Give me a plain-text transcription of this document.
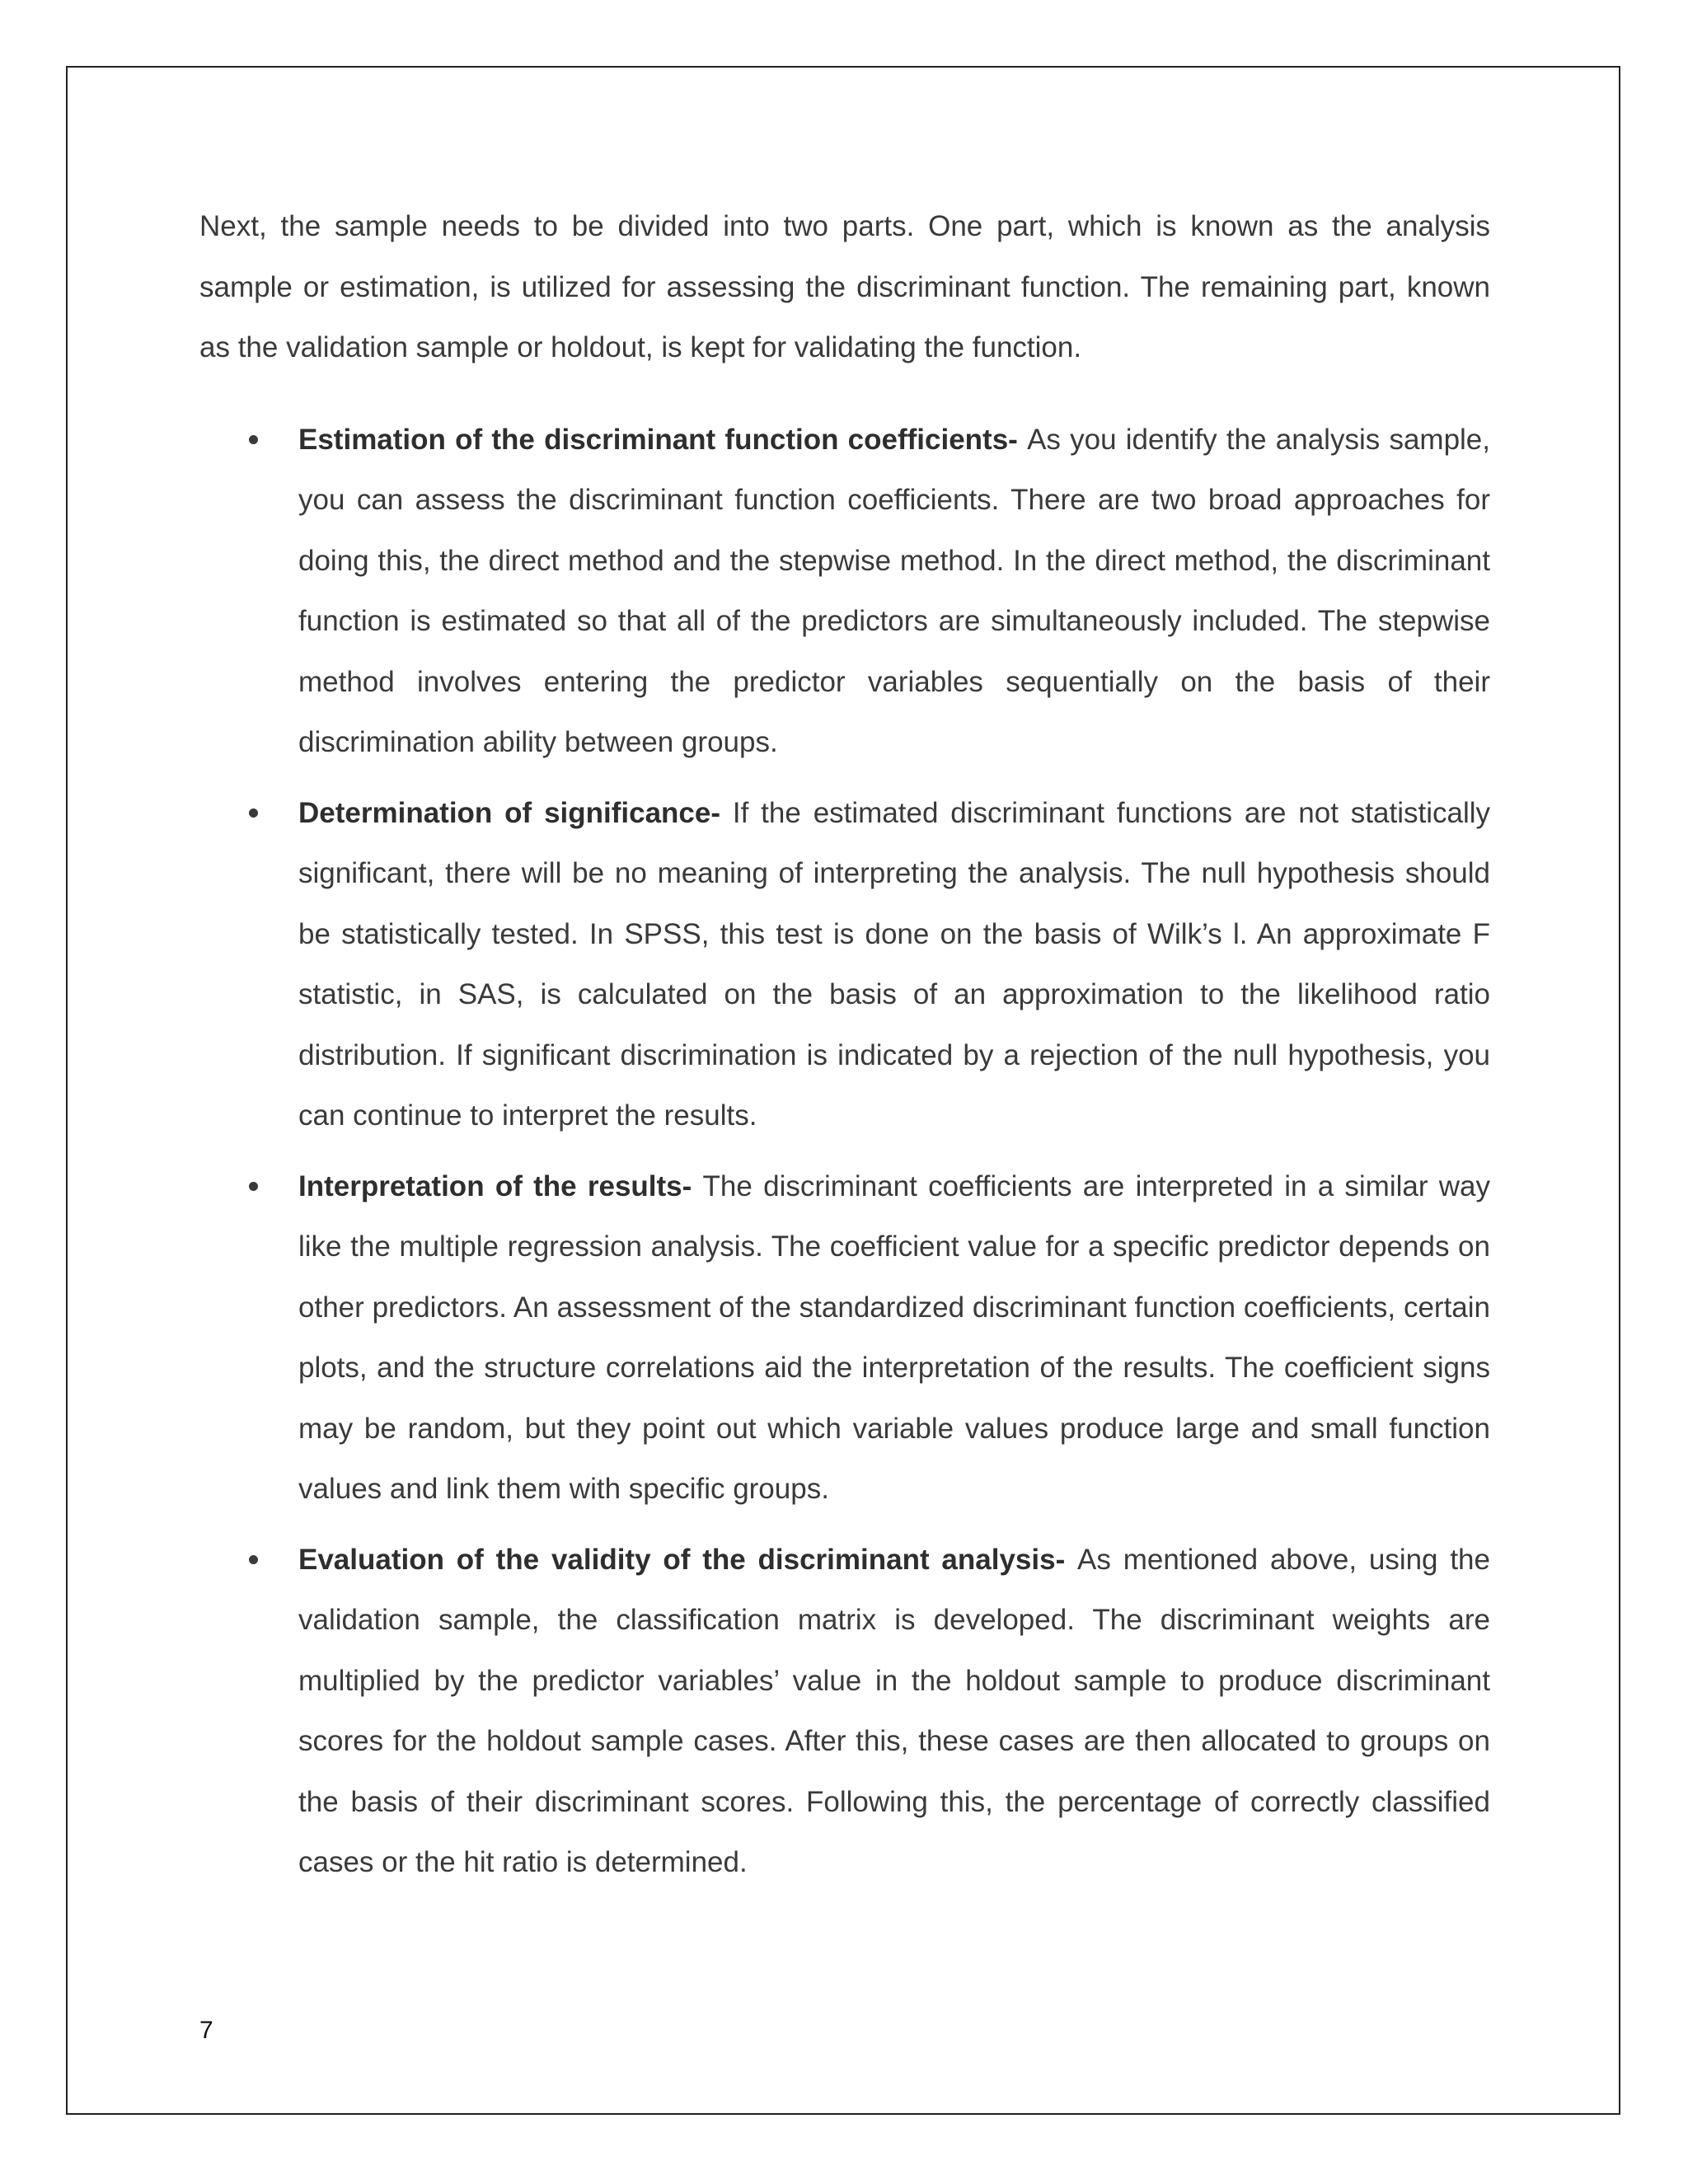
Next, the sample needs to be divided into two parts. One part, which is known as the analysis sample or estimation, is utilized for assessing the discriminant function. The remaining part, known as the validation sample or holdout, is kept for validating the function.

Estimation of the discriminant function coefficients- As you identify the analysis sample, you can assess the discriminant function coefficients. There are two broad approaches for doing this, the direct method and the stepwise method. In the direct method, the discriminant function is estimated so that all of the predictors are simultaneously included. The stepwise method involves entering the predictor variables sequentially on the basis of their discrimination ability between groups.
Determination of significance- If the estimated discriminant functions are not statistically significant, there will be no meaning of interpreting the analysis. The null hypothesis should be statistically tested. In SPSS, this test is done on the basis of Wilk’s l. An approximate F statistic, in SAS, is calculated on the basis of an approximation to the likelihood ratio distribution. If significant discrimination is indicated by a rejection of the null hypothesis, you can continue to interpret the results.
Interpretation of the results- The discriminant coefficients are interpreted in a similar way like the multiple regression analysis. The coefficient value for a specific predictor depends on other predictors. An assessment of the standardized discriminant function coefficients, certain plots, and the structure correlations aid the interpretation of the results. The coefficient signs may be random, but they point out which variable values produce large and small function values and link them with specific groups.
Evaluation of the validity of the discriminant analysis- As mentioned above, using the validation sample, the classification matrix is developed. The discriminant weights are multiplied by the predictor variables’ value in the holdout sample to produce discriminant scores for the holdout sample cases. After this, these cases are then allocated to groups on the basis of their discriminant scores. Following this, the percentage of correctly classified cases or the hit ratio is determined.
7
